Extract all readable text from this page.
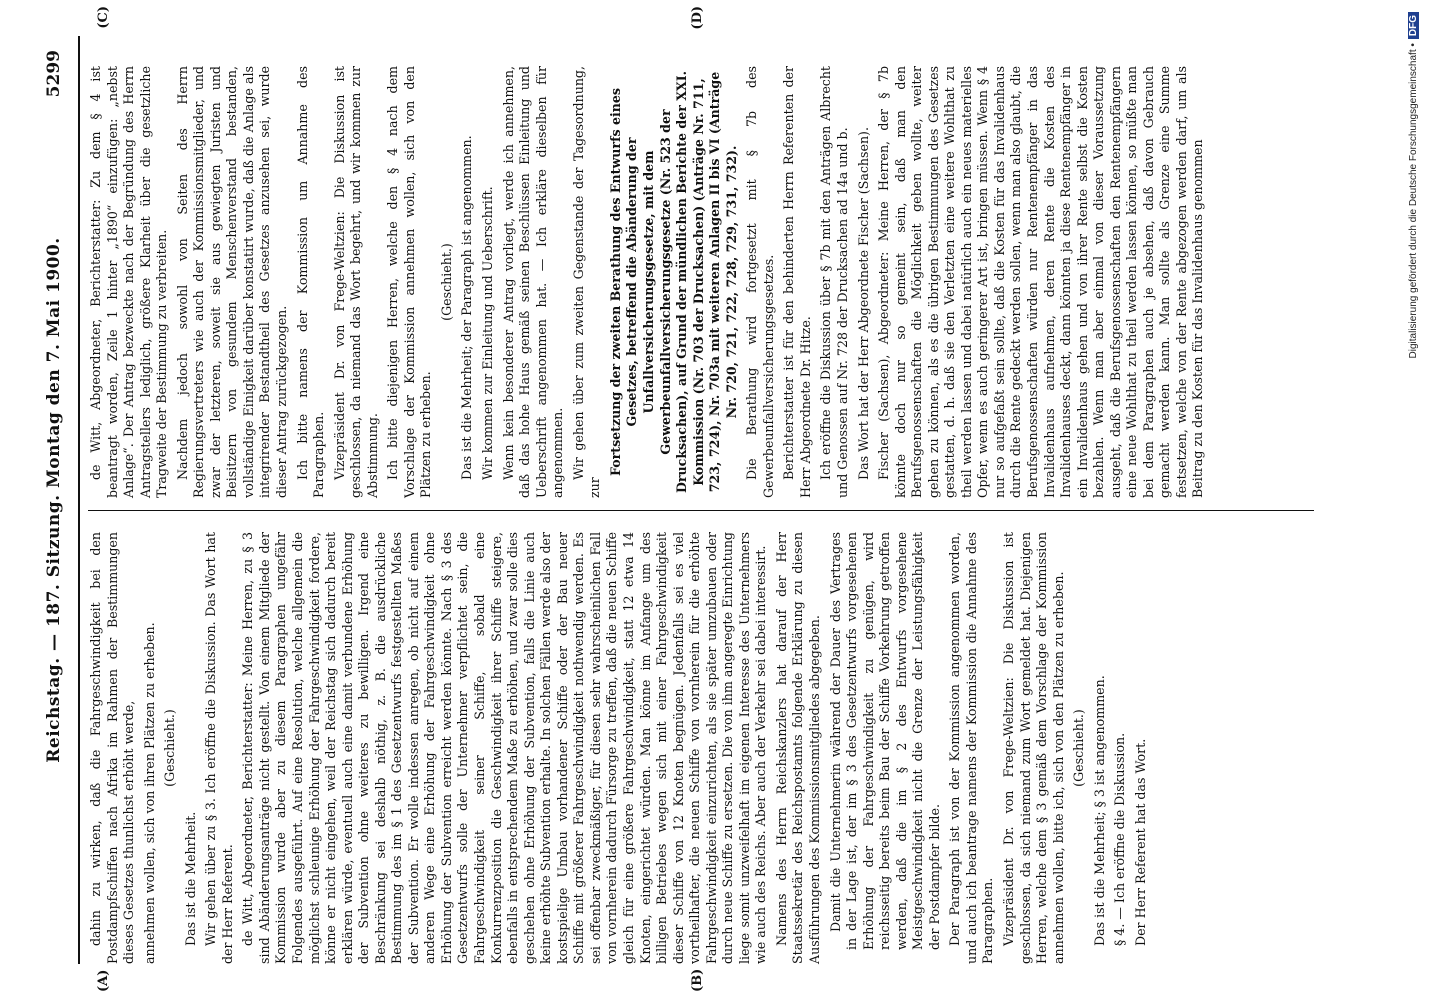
Reichstag. — 187. Sitzung. Montag den 7. Mai 1900.
5299
(A)	(B)
(C)	(D)

dahin zu wirken, daß die Fahrgeschwindigkeit bei den Postdampfschiffen nach Afrika im Rahmen der Bestimmungen dieses Gesetzes thunlichst erhöht werde, annehmen wollen, sich von ihren Plätzen zu erheben. (Geschieht.)

Das ist die Mehrheit. Wir gehen über zu § 3. Ich eröffne die Diskussion. Das Wort hat der Herr Referent. de Witt, Abgeordneter, Berichterstatter: Meine Herren, zu § 3 sind Abänderungsanträge nicht gestellt. Von einem Mitgliede der Kommission wurde aber zu diesem Paragraphen ungefähr Folgendes ausgeführt. Auf eine Resolution, welche allgemein die möglichst schleunige Erhöhung der Fahrgeschwindigkeit fordere, könne er nicht eingehen, weil der Reichstag sich dadurch bereit erklären würde, eventuell auch eine damit verbundene Erhöhung der Subvention ohne weiteres zu bewilligen. Irgend eine Beschränkung sei deshalb nöthig, z. B. die ausdrückliche Bestimmung des im § 1 des Gesetzentwurfs festgestellten Maßes der Subvention. Er wolle indessen anregen, ob nicht auf einem anderen Wege eine Erhöhung der Fahrgeschwindigkeit ohne Erhöhung der Subvention erreicht werden könnte. Nach § 3 des Gesetzentwurfs solle der Unternehmer verpflichtet sein, die Fahrgeschwindigkeit seiner Schiffe, sobald eine Konkurrenzposition die Geschwindigkeit ihrer Schiffe steigere, ebenfalls in entsprechendem Maße zu erhöhen, und zwar solle dies geschehen ohne Erhöhung der Subvention, falls die Linie auch keine erhöhte Subvention erhalte. In solchen Fällen werde also der kostspielige Umbau vorhandener Schiffe oder der Bau neuer Schiffe mit größerer Fahrgeschwindigkeit nothwendig werden. Es sei offenbar zweckmäßiger, für diesen sehr wahrscheinlichen Fall von vornherein dadurch Fürsorge zu treffen, daß die neuen Schiffe gleich für eine größere Fahrgeschwindigkeit, statt 12 etwa 14 Knoten, eingerichtet würden. Man könne im Anfange um des billigen Betriebes wegen sich mit einer Fahrgeschwindigkeit dieser Schiffe von 12 Knoten begnügen. Jedenfalls sei es viel vortheilhafter, die neuen Schiffe von vornherein für die erhöhte Fahrgeschwindigkeit einzurichten, als sie später umzubauen oder durch neue Schiffe zu ersetzen. Die von ihm angeregte Einrichtung liege somit unzweifelhaft im eigenen Interesse des Unternehmers wie auch des Reichs. Aber auch der Verkehr sei dabei interessirt. Namens des Herrn Reichskanzlers hat darauf der Herr Staatssekretär des Reichspostamts folgende Erklärung zu diesen Ausführungen des Kommissionsmitgliedes abgegeben. Damit die Unternehmerin während der Dauer des Vertrages in der Lage ist, der im § 3 des Gesetzentwurfs vorgesehenen Erhöhung der Fahrgeschwindigkeit zu genügen, wird reichsseitig bereits beim Bau der Schiffe Vorkehrung getroffen werden, daß die im § 2 des Entwurfs vorgesehene Meistgeschwindigkeit nicht die Grenze der Leistungsfähigkeit der Postdampfer bilde. Der Paragraph ist von der Kommission angenommen worden, und auch ich beantrage namens der Kommission die Annahme des Paragraphen. Vizepräsident Dr. von Frege-Weltzien: Die Diskussion ist geschlossen, da sich niemand zum Wort gemeldet hat. Diejenigen Herren, welche dem § 3 gemäß dem Vorschlage der Kommission annehmen wollen, bitte ich, sich von den Plätzen zu erheben. (Geschieht.) Das ist die Mehrheit; § 3 ist angenommen. § 4. — Ich eröffne die Diskussion. Der Herr Referent hat das Wort.

de Witt, Abgeordneter, Berichterstatter: Zu dem § 4 ist beantragt worden, Zeile 1 hinter „1890“ einzufügen: „nebst Anlage“. Der Antrag bezweckte nach der Begründung des Herrn Antragstellers lediglich, größere Klarheit über die gesetzliche Tragweite der Bestimmung zu verbreiten. Nachdem jedoch sowohl von Seiten des Herrn Regierungsvertreters wie auch der Kommissionsmitglieder, und zwar der letzteren, soweit sie aus gewiegten Juristen und Beisitzern von gesundem Menschenverstand bestanden, vollständige Einigkeit darüber konstatirt wurde, daß die Anlage als integrirender Bestandtheil des Gesetzes anzusehen sei, wurde dieser Antrag zurückgezogen. Ich bitte namens der Kommission um Annahme des Paragraphen. Vizepräsident Dr. von Frege-Weltzien: Die Diskussion ist geschlossen, da niemand das Wort begehrt, und wir kommen zur Abstimmung. Ich bitte diejenigen Herren, welche den § 4 nach dem Vorschlage der Kommission annehmen wollen, sich von den Plätzen zu erheben.

(Geschieht.) Das ist die Mehrheit; der Paragraph ist angenommen. Wir kommen zur Einleitung und Ueberschrift. Wenn kein besonderer Antrag vorliegt, werde ich annehmen, daß das hohe Haus gemäß seinen Beschlüssen Einleitung und Ueberschrift angenommen hat. — Ich erkläre dieselben für angenommen. Wir gehen über zum zweiten Gegenstande der Tagesordnung, zur

Fortsetzung der zweiten Berathung des Entwurfs eines Gesetzes, betreffend die Abänderung der Unfallversicherungsgesetze, mit dem Gewerbeunfallversicherungsgesetze (Nr. 523 der Drucksachen), auf Grund der mündlichen Berichte der XXI. Kommission (Nr. 703 der Drucksachen) (Anträge Nr. 711, 723, 724), Nr. 703a mit weiteren Anlagen II bis VI (Anträge Nr. 720, 721, 722, 728, 729, 731, 732). Die Berathung wird fortgesetzt mit § 7b des Gewerbeunfallversicherungsgesetzes. Berichterstatter ist für den behinderten Herrn Referenten der Herr Abgeordnete Dr. Hitze. Ich eröffne die Diskussion über § 7b mit den Anträgen Albrecht und Genossen auf Nr. 728 der Drucksachen ad 14a und b. Das Wort hat der Herr Abgeordnete Fischer (Sachsen). Fischer (Sachsen), Abgeordneter: Meine Herren, der § 7b könnte doch nur so gemeint sein, daß man den Berufsgenossenschaften die Möglichkeit geben wollte, weiter gehen zu können, als es die übrigen Bestimmungen des Gesetzes gestatten, d. h. daß sie den Verletzten eine weitere Wohlthat zu theil werden lassen und dabei natürlich auch ein neues materielles Opfer, wenn es auch geringerer Art ist, bringen müssen. Wenn § 4 nur so aufgefaßt sein sollte, daß die Kosten für das Invalidenhaus durch die Rente gedeckt werden sollen, wenn man also glaubt, die Berufsgenossenschaften würden nur Rentenempfänger in das Invalidenhaus aufnehmen, deren Rente die Kosten des Invalidenhauses deckt, dann könnten ja diese Rentenempfänger in ein Invalidenhaus gehen und von ihrer Rente selbst die Kosten bezahlen. Wenn man aber einmal von dieser Voraussetzung ausgeht, daß die Berufsgenossenschaften den Rentenempfängern eine neue Wohlthat zu theil werden lassen können, so müßte man bei dem Paragraphen auch je absehen, daß davon Gebrauch gemacht werden kann. Man sollte als Grenze eine Summe festsetzen, welche von der Rente abgezogen werden darf, um als Beitrag zu den Kosten für das Invalidenhaus genommen	Digitalisierung gefördert durch die Deutsche Forschungsgemeinschaft •DFG
